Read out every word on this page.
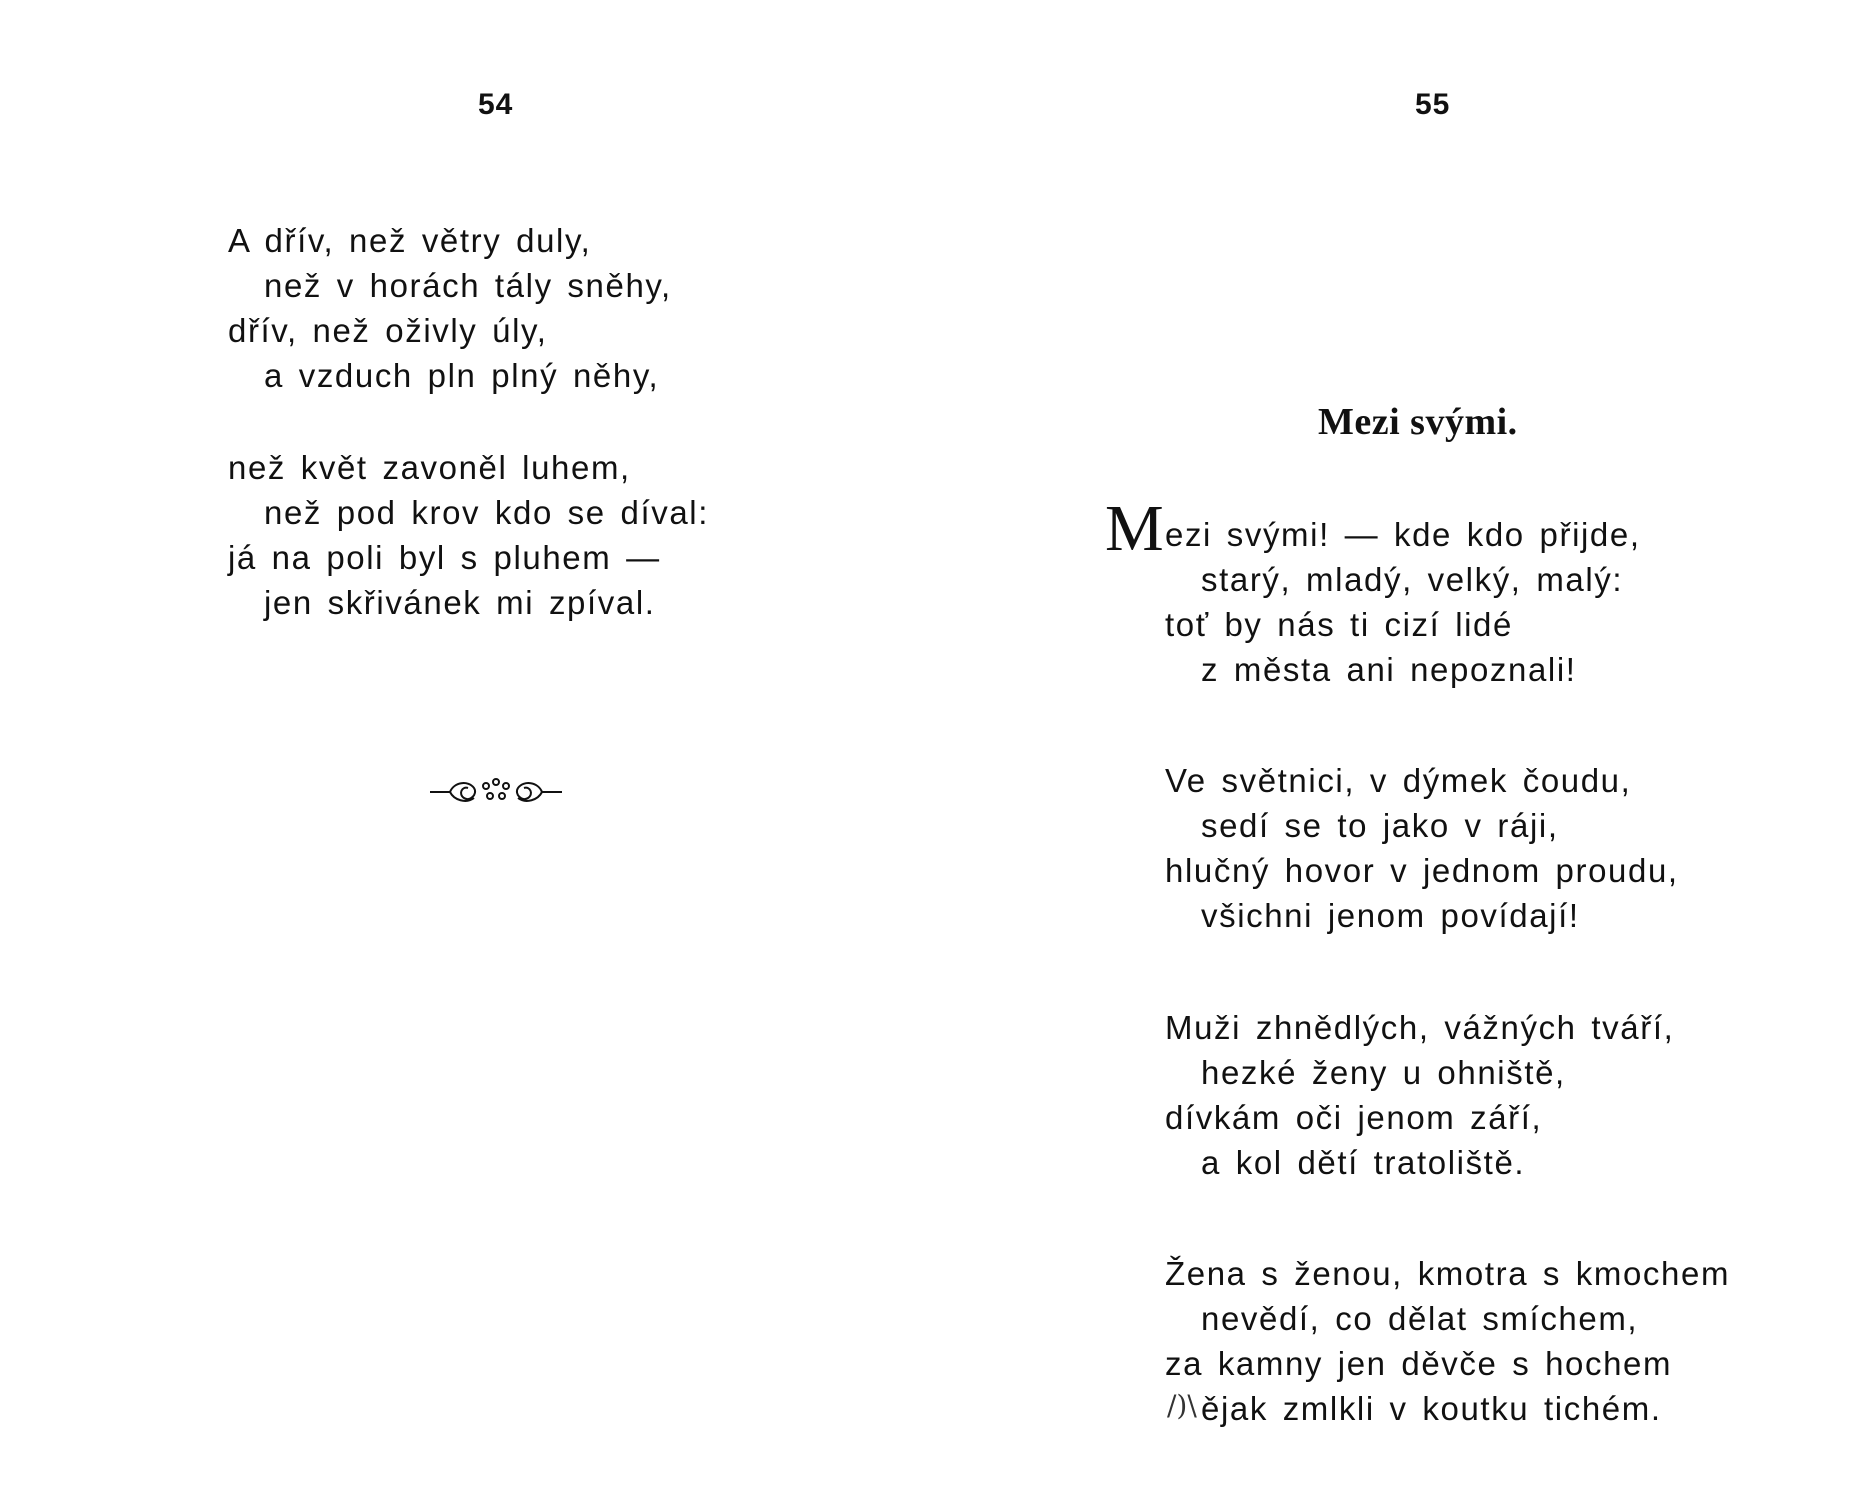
54
A dřív, než větry duly,
než v horách tály sněhy,
dřív, než oživly úly,
a vzduch pln plný něhy,
než květ zavoněl luhem,
než pod krov kdo se díval:
já na poli byl s pluhem —
jen skřivánek mi zpíval.
55
Mezi svými.
M ezi svými! — kde kdo přijde,
starý, mladý, velký, malý:
toť by nás ti cizí lidé
z města ani nepoznali!
Ve světnici, v dýmek čoudu,
sedí se to jako v ráji,
hlučný hovor v jednom proudu,
všichni jenom povídají!
Muži zhnědlých, vážných tváří,
hezké ženy u ohniště,
dívkám oči jenom září,
a kol dětí tratoliště.
Žena s ženou, kmotra s kmochem
nevědí, co dělat smíchem,
za kamny jen děvče s hochem
ějak zmlkli v koutku tichém.
/)\
